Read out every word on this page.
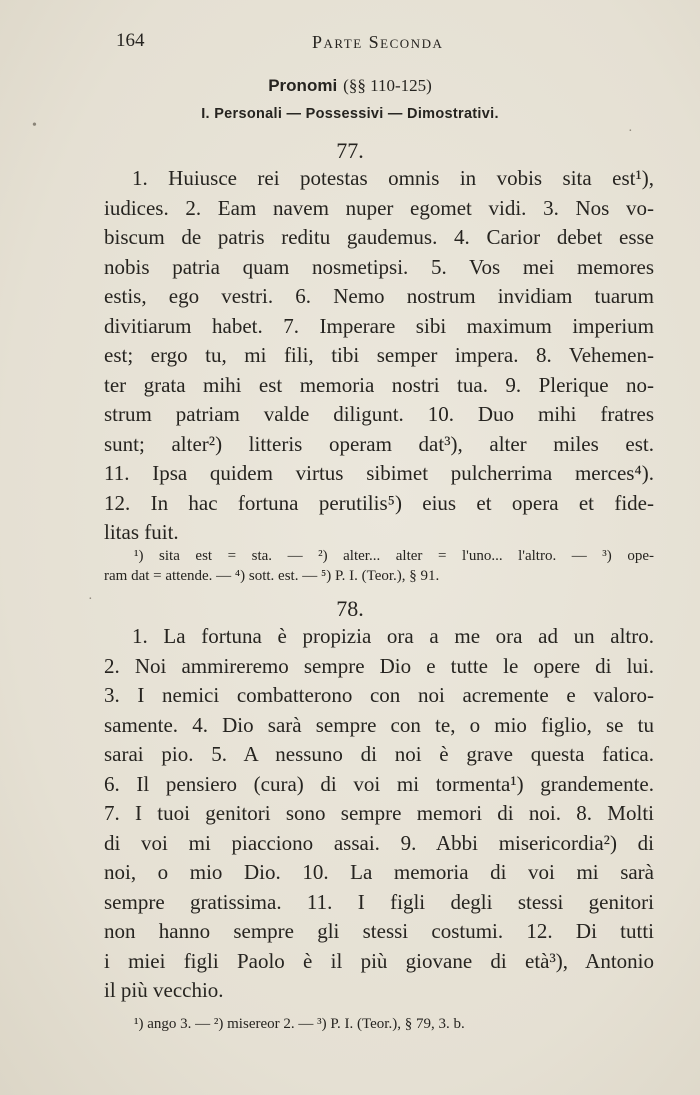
164	Parte Seconda
Pronomi (§§ 110-125)
I. Personali — Possessivi — Dimostrativi.
77.
1. Huiusce rei potestas omnis in vobis sita est¹),
iudices. 2. Eam navem nuper egomet vidi. 3. Nos vo-
biscum de patris reditu gaudemus. 4. Carior debet esse
nobis patria quam nosmetipsi. 5. Vos mei memores
estis, ego vestri. 6. Nemo nostrum invidiam tuarum
divitiarum habet. 7. Imperare sibi maximum imperium
est; ergo tu, mi fili, tibi semper impera. 8. Vehemen-
ter grata mihi est memoria nostri tua. 9. Plerique no-
strum patriam valde diligunt. 10. Duo mihi fratres
sunt; alter²) litteris operam dat³), alter miles est.
11. Ipsa quidem virtus sibimet pulcherrima merces⁴).
12. In hac fortuna perutilis⁵) eius et opera et fide-
litas fuit.
¹) sita est = sta. — ²) alter... alter = l'uno... l'altro. — ³) ope-
ram dat = attende. — ⁴) sott. est. — ⁵) P. I. (Teor.), § 91.
78.
1. La fortuna è propizia ora a me ora ad un altro.
2. Noi ammireremo sempre Dio e tutte le opere di lui.
3. I nemici combatterono con noi acremente e valoro-
samente. 4. Dio sarà sempre con te, o mio figlio, se tu
sarai pio. 5. A nessuno di noi è grave questa fatica.
6. Il pensiero (cura) di voi mi tormenta¹) grandemente.
7. I tuoi genitori sono sempre memori di noi. 8. Molti
di voi mi piacciono assai. 9. Abbi misericordia²) di
noi, o mio Dio. 10. La memoria di voi mi sarà
sempre gratissima. 11. I figli degli stessi genitori
non hanno sempre gli stessi costumi. 12. Di tutti
i miei figli Paolo è il più giovane di età³), Antonio
il più vecchio.
¹) ango 3. — ²) misereor 2. — ³) P. I. (Teor.), § 79, 3. b.
•	·
·
